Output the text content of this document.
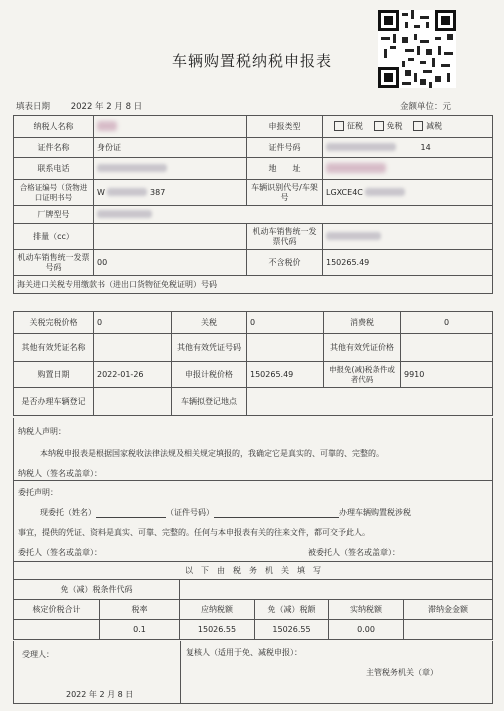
车辆购置税纳税申报表
填表日期 2022 年 2 月 8 日	金额单位：元
纳税人名称		申报类型	征税 免税 减税
证件名称	身份证	证件号码	14
联系电话		地　　址	
合格证编号（货物进口证明书号	W 387	车辆识别代号/车架号	LGXCE4C
厂牌型号			
排量（cc）		机动车销售统一发票代码	
机动车销售统一发票号码	00	不含税价	150265.49
海关进口关税专用缴款书（进出口货物征免税证明）号码			
关税完税价格	0	关税	0	消费税	0
其他有效凭证名称		其他有效凭证号码		其他有效凭证价格	
购置日期	2022-01-26	申报计税价格	150265.49	申报免(减)税条件或者代码	9910
是否办理车辆登记		车辆拟登记地点			
纳税人声明：
本纳税申报表是根据国家税收法律法规及相关规定填报的，我确定它是真实的、可靠的、完整的。
纳税人（签名或盖章）：
委托声明：
现委托（姓名）	（证件号码）	办理车辆购置税涉税
事宜，提供的凭证、资料是真实、可靠、完整的。任何与本申报表有关的往来文件，都可交予此人。
委托人（签名或盖章）：	被委托人（签名或盖章）：
以　下　由　税　务　机　关　填　写					
免（减）税条件代码					
核定价税合计	税率	应纳税额	免（减）税额	实纳税额	滞纳金金额
	0.1	15026.55	15026.55	0.00	
受理人：	复核人（适用于免、减税申报）：
主管税务机关（章）
2022 年 2 月 8 日
